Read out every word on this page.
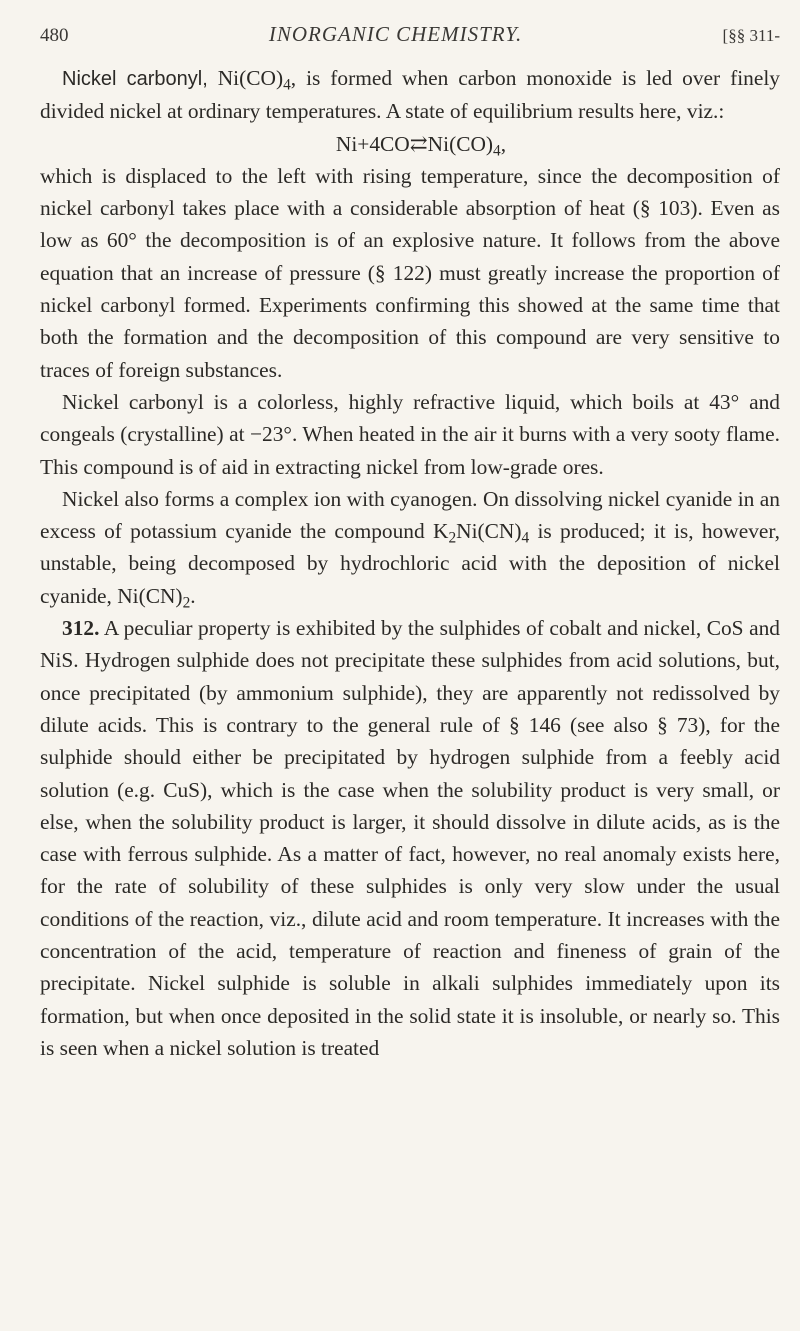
480	INORGANIC CHEMISTRY.	[§§ 311-

Nickel carbonyl, $Ni(CO)_4$, is formed when carbon monoxide is led over finely divided nickel at ordinary temperatures. A state of equilibrium results here, viz.:

$Ni+4CO⇄Ni(CO)_4$,

which is displaced to the left with rising temperature, since the decomposition of nickel carbonyl takes place with a considerable absorption of heat (§ 103). Even as low as 60° the decomposition is of an explosive nature. It follows from the above equation that an increase of pressure (§ 122) must greatly increase the proportion of nickel carbonyl formed. Experiments confirming this showed at the same time that both the formation and the decomposition of this compound are very sensitive to traces of foreign substances.

Nickel carbonyl is a colorless, highly refractive liquid, which boils at 43° and congeals (crystalline) at −23°. When heated in the air it burns with a very sooty flame. This compound is of aid in extracting nickel from low-grade ores.

Nickel also forms a complex ion with cyanogen. On dissolving nickel cyanide in an excess of potassium cyanide the compound $K_2Ni(CN)_4$ is produced; it is, however, unstable, being decomposed by hydrochloric acid with the deposition of nickel cyanide, $Ni(CN)_2$.

312. A peculiar property is exhibited by the sulphides of cobalt and nickel, CoS and NiS. Hydrogen sulphide does not precipitate these sulphides from acid solutions, but, once precipitated (by ammonium sulphide), they are apparently not redissolved by dilute acids. This is contrary to the general rule of § 146 (see also § 73), for the sulphide should either be precipitated by hydrogen sulphide from a feebly acid solution (e.g. CuS), which is the case when the solubility product is very small, or else, when the solubility product is larger, it should dissolve in dilute acids, as is the case with ferrous sulphide. As a matter of fact, however, no real anomaly exists here, for the rate of solubility of these sulphides is only very slow under the usual conditions of the reaction, viz., dilute acid and room temperature. It increases with the concentration of the acid, temperature of reaction and fineness of grain of the precipitate. Nickel sulphide is soluble in alkali sulphides immediately upon its formation, but when once deposited in the solid state it is insoluble, or nearly so. This is seen when a nickel solution is treated
